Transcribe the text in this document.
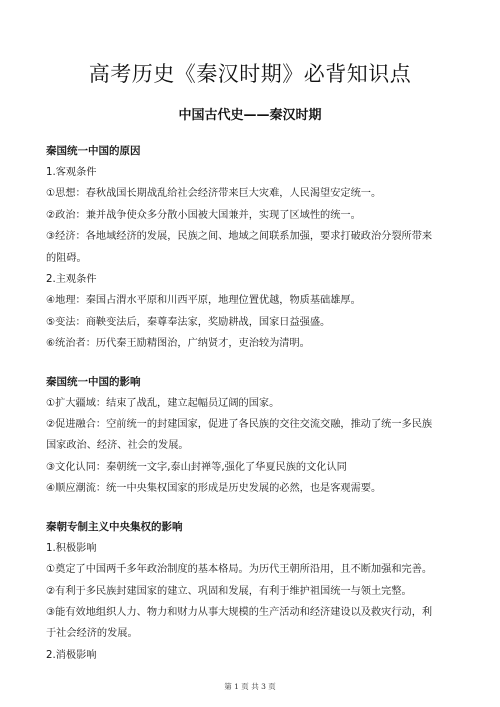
高考历史《秦汉时期》必背知识点
中国古代史——秦汉时期

秦国统一中国的原因

1.客观条件

①思想：春秋战国长期战乱给社会经济带来巨大灾难，人民渴望安定统一。

②政治：兼并战争使众多分散小国被大国兼并，实现了区域性的统一。

③经济：各地域经济的发展，民族之间、地域之间联系加强，要求打破政治分裂所带来

的阻碍。

2.主观条件

④地理：秦国占渭水平原和川西平原，地理位置优越，物质基础雄厚。

⑤变法：商鞅变法后，秦尊奉法家，奖励耕战，国家日益强盛。

⑥统治者：历代秦王励精图治，广纳贤才，吏治较为清明。

秦国统一中国的影响

①扩大疆域：结束了战乱，建立起幅员辽阔的国家。

②促进融合：空前统一的封建国家，促进了各民族的交往交流交融，推动了统一多民族

国家政治、经济、社会的发展。

③文化认同：秦朝统一文字,泰山封禅等,强化了华夏民族的文化认同

④顺应潮流：统一中央集权国家的形成是历史发展的必然，也是客观需要。

秦朝专制主义中央集权的影响

1.积极影响

①奠定了中国两千多年政治制度的基本格局。为历代王朝所沿用，且不断加强和完善。

②有利于多民族封建国家的建立、巩固和发展，有利于维护祖国统一与领土完整。

③能有效地组织人力、物力和财力从事大规模的生产活动和经济建设以及救灾行动，利

于社会经济的发展。

2.消极影响

第 1 页 共 3 页
